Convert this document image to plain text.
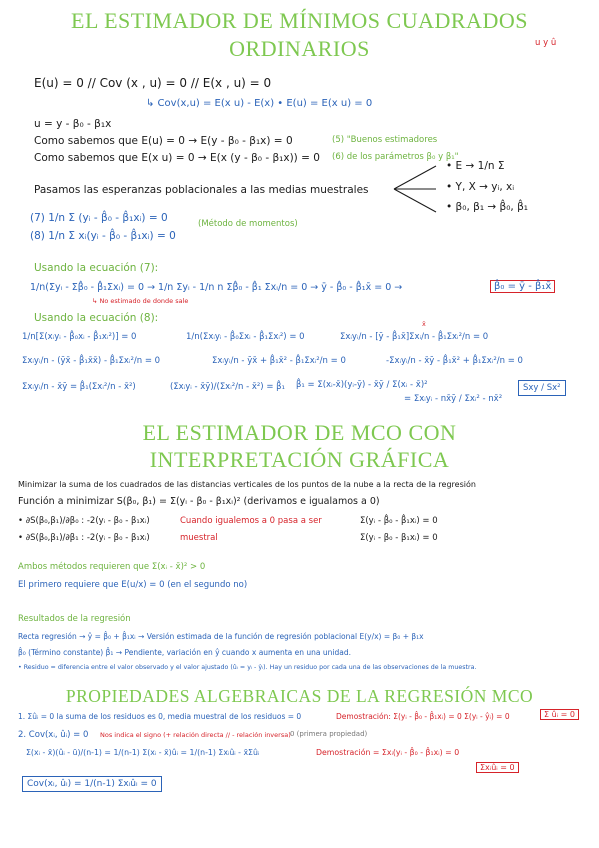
EL ESTIMADOR DE MÍNIMOS CUADRADOS
ORDINARIOS	u y û
E(u) = 0 // Cov (x , u) = 0 // E(x , u) = 0
↳ Cov(x,u) = E(x u) - E(x) • E(u) = E(x u) = 0
u = y - β₀ - β₁x
Como sabemos que E(u) = 0 → E(y - β₀ - β₁x) = 0	(5) "Buenos estimadores
Como sabemos que E(x u) = 0 → E(x (y - β₀ - β₁x)) = 0 (6) de los parámetros β₀ y β₁"
Pasamos las esperanzas poblacionales a las medias muestrales
• E → 1/n Σ
• Y, X → yᵢ, xᵢ
• β₀, β₁ → β̂₀, β̂₁
(7) 1/n Σ (yᵢ - β̂₀ - β̂₁xᵢ) = 0
(8) 1/n Σ xᵢ(yᵢ - β̂₀ - β̂₁xᵢ) = 0
(Método de momentos)
Usando la ecuación (7):
1/n(Σyᵢ - Σβ̂₀ - β̂₁Σxᵢ) = 0 → 1/n Σyᵢ - 1/n n Σβ̂₀ - β̂₁ Σxᵢ/n = 0 → ȳ - β̂₀ - β̂₁x̄ = 0 →	β̂₀ = ȳ - β̂₁x̄
↳ No estimado de donde sale
Usando la ecuación (8):
1/n[Σ(xᵢyᵢ - β̂₀xᵢ - β̂₁xᵢ²)] = 0	1/n(Σxᵢyᵢ - β̂₀Σxᵢ - β̂₁Σxᵢ²) = 0	Σxᵢyᵢ/n - [ȳ - β̂₁x̄]Σxᵢ/n - β̂₁Σxᵢ²/n = 0
x̄
Σxᵢyᵢ/n - (ȳx̄ - β̂₁x̄x̄) - β̂₁Σxᵢ²/n = 0	Σxᵢyᵢ/n - ȳx̄ + β̂₁x̄² - β̂₁Σxᵢ²/n = 0	-Σxᵢyᵢ/n - x̄ȳ - β̂₁x̄² + β̂₁Σxᵢ²/n = 0
Σxᵢyᵢ/n - x̄ȳ = β̂₁(Σxᵢ²/n - x̄²)	(Σxᵢyᵢ - x̄ȳ)/(Σxᵢ²/n - x̄²) = β̂₁ β̂₁ = Σ(xᵢ-x̄)(yᵢ-ȳ) - x̄ȳ / Σ(xᵢ - x̄)²
= Σxᵢyᵢ - nx̄ȳ / Σxᵢ² - nx̄²
Sxy / Sx²
EL ESTIMADOR DE MCO CON
INTERPRETACIÓN GRÁFICA
Minimizar la suma de los cuadrados de las distancias verticales de los puntos de la nube a la recta de la regresión
Función a minimizar S(β₀, β₁) = Σ(yᵢ - β₀ - β₁xᵢ)² (derivamos e igualamos a 0)
• ∂S(β₀,β₁)/∂β₀ : -2(yᵢ - β₀ - β₁xᵢ)	Cuando igualemos a 0 pasa a ser	Σ(yᵢ - β̂₀ - β̂₁xᵢ) = 0
• ∂S(β₀,β₁)/∂β₁ : -2(yᵢ - β₀ - β₁xᵢ)	muestral	Σ(yᵢ - β₀ - β₁xᵢ) = 0
Ambos métodos requieren que Σ(xᵢ - x̄)² > 0
El primero requiere que E(u/x) = 0 (en el segundo no)
Resultados de la regresión
Recta regresión → ŷ = β̂₀ + β̂₁xᵢ → Versión estimada de la función de regresión poblacional E(y/x) = β₀ + β₁x
β̂₀ (Término constante) β̂₁ → Pendiente, variación en ŷ cuando x aumenta en una unidad.
• Residuo = diferencia entre el valor observado y el valor ajustado (ûᵢ = yᵢ - ŷᵢ). Hay un residuo por cada una de las observaciones de la muestra.
PROPIEDADES ALGEBRAICAS DE LA REGRESIÓN MCO
1. Σûᵢ = 0 la suma de los residuos es 0, media muestral de los residuos = 0	Demostración: Σ(yᵢ - β̂₀ - β̂₁xᵢ) = 0 Σ(yᵢ - ŷᵢ) = 0	Σ ûᵢ = 0
2. Cov(xᵢ, ûᵢ) = 0 Nos indica el signo (+ relación directa // - relación inversa) 0 (primera propiedad)
Σ(xᵢ - x̄)(ûᵢ - ū)/(n-1) = 1/(n-1) Σ(xᵢ - x̄)ûᵢ = 1/(n-1) Σxᵢûᵢ - x̄Σûᵢ	Demostración = Σxᵢ(yᵢ - β̂₀ - β̂₁xᵢ) = 0
Σxᵢûᵢ = 0
Cov(xᵢ, ûᵢ) = 1/(n-1) Σxᵢûᵢ = 0
